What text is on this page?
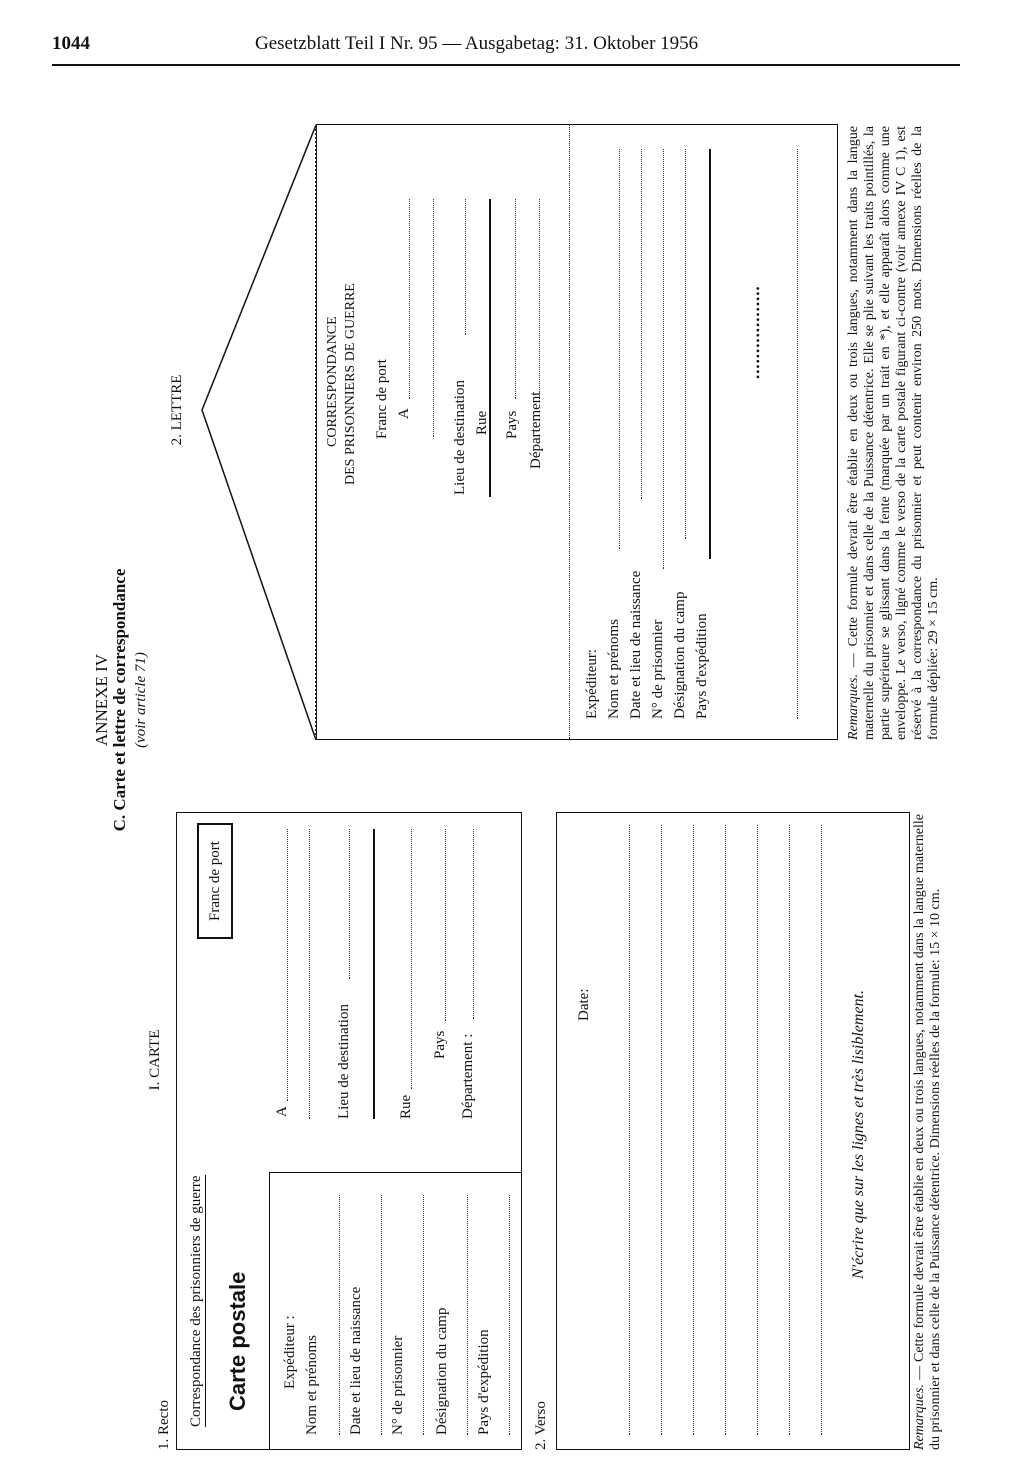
1044	Gesetzblatt Teil I Nr. 95 — Ausgabetag: 31. Oktober 1956
ANNEXE IV C. Carte et lettre de correspondance (voir article 71)
I. CARTE
1. Recto Correspondance des prisonniers de guerre Carte postale
Franc de port
Expéditeur : Nom et prénoms Date et lieu de naissance N° de prisonnier Désignation du camp Pays d'expédition
A	Lieu de destination	Rue
Pays Département :
2. Verso
Date:	N'écrire que sur les lignes et très lisiblement.

Remarques. — Cette formule devrait être établie en deux ou trois langues, notamment dans la langue maternelle du prisonnier et dans celle de la Puissance détentrice. Dimensions réelles de la formule: 15 × 10 cm.

2. LETTRE	CORRESPONDANCE DES PRISONNIERS DE GUERRE Franc de port A	Lieu de destination Rue Pays Département
••••••••••••••••••
Expéditeur: Nom et prénoms Date et lieu de naissance N° de prisonnier Désignation du camp Pays d'expédition	Remarques. — Cette formule devrait être établie en deux ou trois langues, notamment dans la langue maternelle du prisonnier et dans celle de la Puissance détentrice. Elle se plie suivant les traits pointillés, la partie supérieure se glissant dans la fente (marquée par un trait en *), et elle apparaît alors comme une enveloppe. Le verso, ligné comme le verso de la carte postale figurant ci-contre (voir annexe IV C 1), est réservé à la correspondance du prisonnier et peut contenir environ 250 mots. Dimensions réelles de la formule dépliée: 29 × 15 cm.
